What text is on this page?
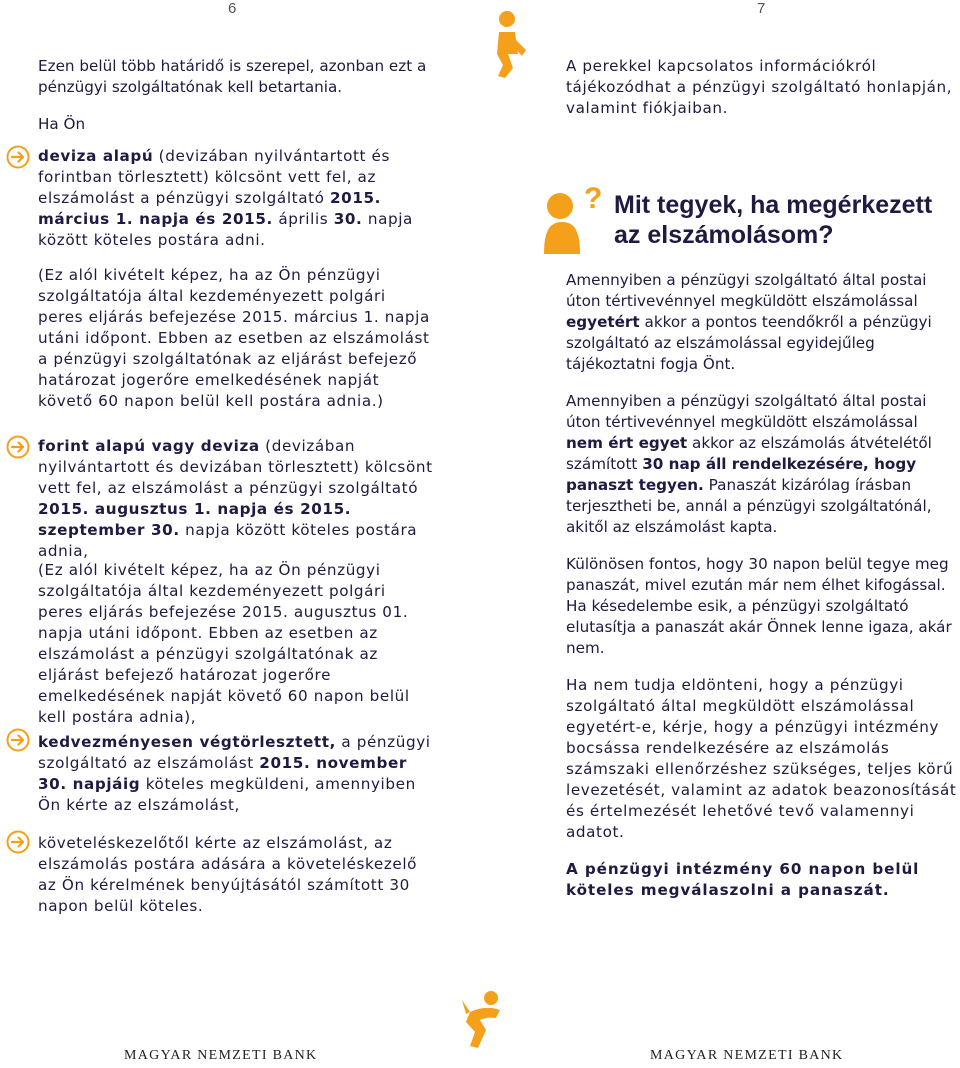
6	7

Ezen belül több határidő is szerepel, azonban ezt a pénzügyi szolgáltatónak kell betartania.

Ha Ön

deviza alapú (devizában nyilvántartott és forintban törlesztett) kölcsönt vett fel, az elszámolást a pénzügyi szolgáltató 2015. március 1. napja és 2015. április 30. napja között köteles postára adni.

(Ez alól kivételt képez, ha az Ön pénzügyi szolgáltatója által kezdeményezett polgári peres eljárás befejezése 2015. március 1. napja utáni időpont. Ebben az esetben az elszámolást a pénzügyi szolgáltatónak az eljárást befejező határozat jogerőre emelkedésének napját követő 60 napon belül kell postára adnia.)

forint alapú vagy deviza (devizában nyilvántartott és devizában törlesztett) kölcsönt vett fel, az elszámolást a pénzügyi szolgáltató 2015. augusztus 1. napja és 2015. szeptember 30. napja között köteles postára adnia,

(Ez alól kivételt képez, ha az Ön pénzügyi szolgáltatója által kezdeményezett polgári peres eljárás befejezése 2015. augusztus 01. napja utáni időpont. Ebben az esetben az elszámolást a pénzügyi szolgáltatónak az eljárást befejező határozat jogerőre emelkedésének napját követő 60 napon belül kell postára adnia),

kedvezményesen végtörlesztett, a pénzügyi szolgáltató az elszámolást 2015. november 30. napjáig köteles megküldeni, amennyiben Ön kérte az elszámolást,

követeléskezelőtől kérte az elszámolást, az elszámolás postára adására a követeléskezelő az Ön kérelmének benyújtásától számított 30 napon belül köteles.

?

A perekkel kapcsolatos információkról tájékozódhat a pénzügyi szolgáltató honlapján, valamint fiókjaiban.

Mit tegyek, ha megérkezett az elszámolásom?

Amennyiben a pénzügyi szolgáltató által postai úton tértivevénnyel megküldött elszámolással egyetért akkor a pontos teendőkről a pénzügyi szolgáltató az elszámolással egyidejűleg tájékoztatni fogja Önt.

Amennyiben a pénzügyi szolgáltató által postai úton tértivevénnyel megküldött elszámolással nem ért egyet akkor az elszámolás átvételétől számított 30 nap áll rendelkezésére, hogy panaszt tegyen. Panaszát kizárólag írásban terjesztheti be, annál a pénzügyi szolgáltatónál, akitől az elszámolást kapta.

Különösen fontos, hogy 30 napon belül tegye meg panaszát, mivel ezután már nem élhet kifogással. Ha késedelembe esik, a pénzügyi szolgáltató elutasítja a panaszát akár Önnek lenne igaza, akár nem.

Ha nem tudja eldönteni, hogy a pénzügyi szolgáltató által megküldött elszámolással egyetért-e, kérje, hogy a pénzügyi intézmény bocsássa rendelkezésére az elszámolás számszaki ellenőrzéshez szükséges, teljes körű levezetését, valamint az adatok beazonosítását és értelmezését lehetővé tevő valamennyi adatot.

A pénzügyi intézmény 60 napon belül köteles megválaszolni a panaszát.

MAGYAR NEMZETI BANK	MAGYAR NEMZETI BANK
